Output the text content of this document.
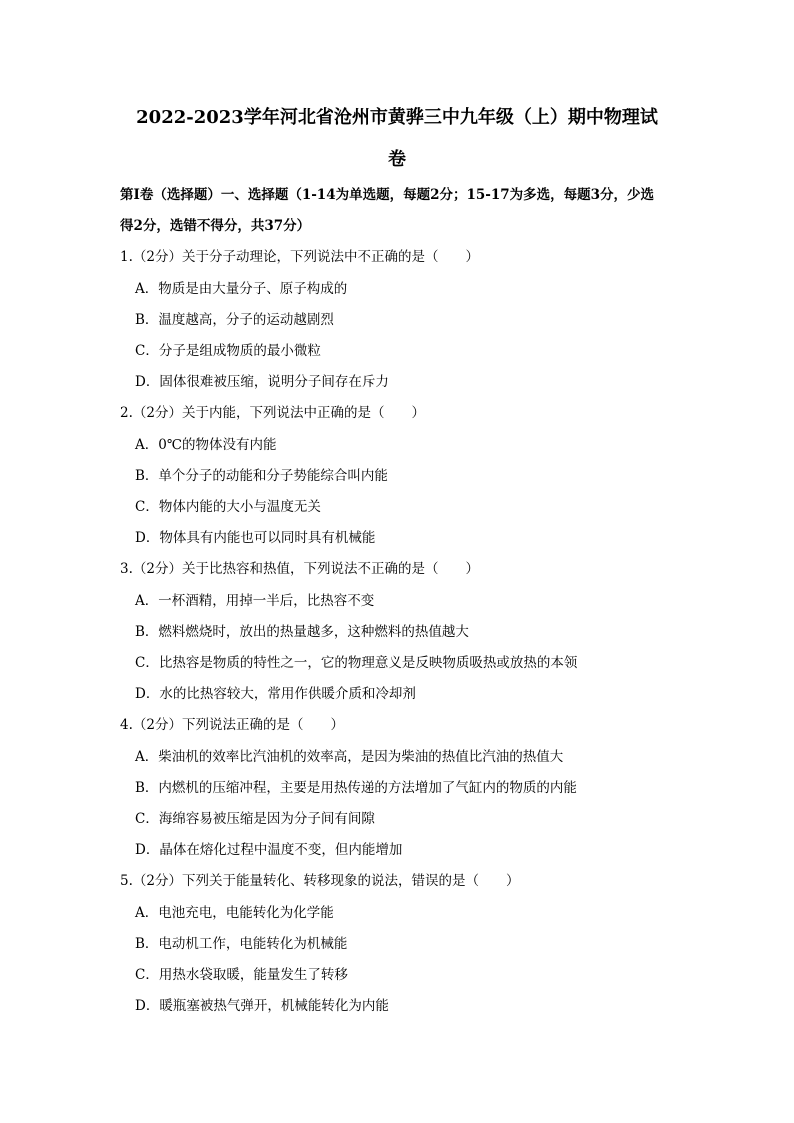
2022-2023学年河北省沧州市黄骅三中九年级（上）期中物理试
卷
第I卷（选择题）一、选择题（1-14为单选题，每题2分；15-17为多选，每题3分，少选
得2分，选错不得分，共37分）
1.（2分）关于分子动理论，下列说法中不正确的是（　　）
A．物质是由大量分子、原子构成的
B．温度越高，分子的运动越剧烈
C．分子是组成物质的最小微粒
D．固体很难被压缩，说明分子间存在斥力
2.（2分）关于内能，下列说法中正确的是（　　）
A．0℃的物体没有内能
B．单个分子的动能和分子势能综合叫内能
C．物体内能的大小与温度无关
D．物体具有内能也可以同时具有机械能
3.（2分）关于比热容和热值，下列说法不正确的是（　　）
A．一杯酒精，用掉一半后，比热容不变
B．燃料燃烧时，放出的热量越多，这种燃料的热值越大
C．比热容是物质的特性之一，它的物理意义是反映物质吸热或放热的本领
D．水的比热容较大，常用作供暖介质和冷却剂
4.（2分）下列说法正确的是（　　）
A．柴油机的效率比汽油机的效率高，是因为柴油的热值比汽油的热值大
B．内燃机的压缩冲程，主要是用热传递的方法增加了气缸内的物质的内能
C．海绵容易被压缩是因为分子间有间隙
D．晶体在熔化过程中温度不变，但内能增加
5.（2分）下列关于能量转化、转移现象的说法，错误的是（　　）
A．电池充电，电能转化为化学能
B．电动机工作，电能转化为机械能
C．用热水袋取暖，能量发生了转移
D．暖瓶塞被热气弹开，机械能转化为内能
